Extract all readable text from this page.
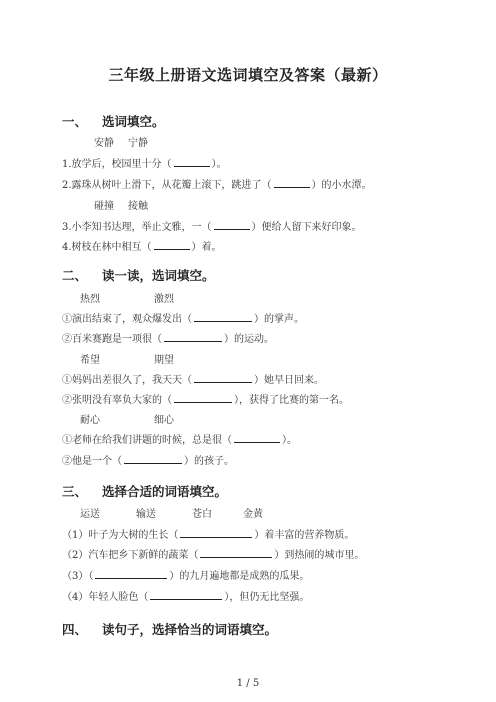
三年级上册语文选词填空及答案（最新）
一、 选词填空。
安静 宁静
1.放学后，校园里十分（	）。
2.露珠从树叶上滑下，从花瓣上滚下，跳进了（	）的小水潭。
碰撞 接触
3.小李知书达理，举止文雅，一（	）便给人留下来好印象。
4.树枝在林中相互（	）着。
二、 读一读，选词填空。
热烈	激烈
①演出结束了，观众爆发出（	）的掌声。
②百米赛跑是一项很（	）的运动。
希望	期望
①妈妈出差很久了，我天天（	）她早日回来。
②张明没有辜负大家的（	），获得了比赛的第一名。
耐心	细心
①老师在给我们讲题的时候，总是很（	）。
②他是一个（	）的孩子。
三、 选择合适的词语填空。
运送	输送	苍白	金黄
（1）叶子为大树的生长（	）着丰富的营养物质。
（2）汽车把乡下新鲜的蔬菜（	）到热闹的城市里。
（3）（	）的九月遍地都是成熟的瓜果。
（4）年轻人脸色（	），但仍无比坚强。
四、 读句子，选择恰当的词语填空。
1 / 5
